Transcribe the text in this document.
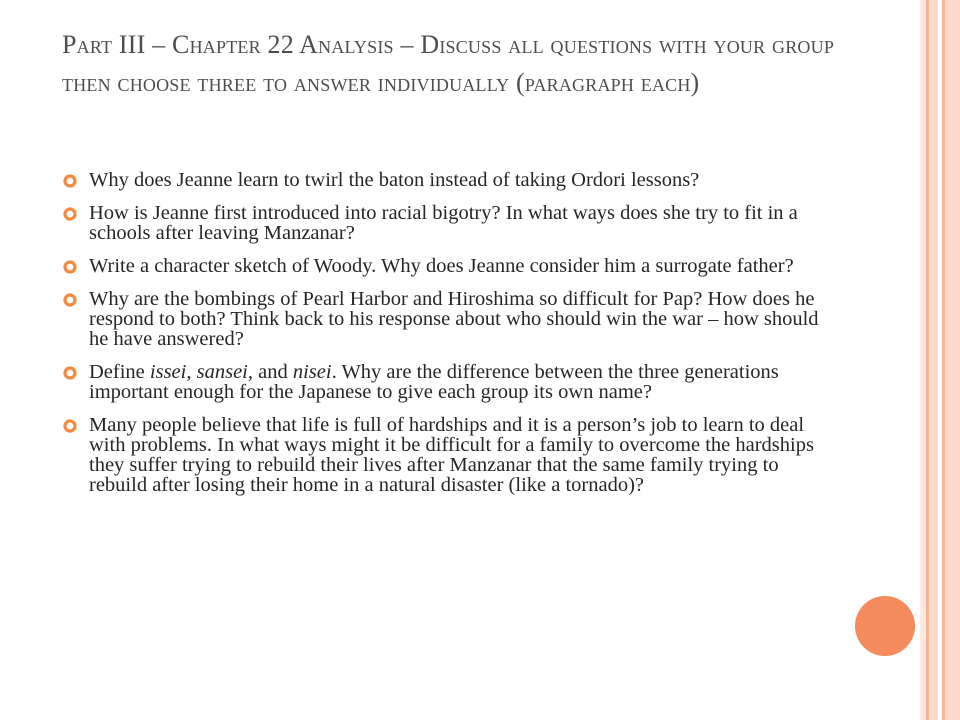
Part III – Chapter 22 Analysis – Discuss all questions with your group then choose three to answer individually (paragraph each)
Why does Jeanne learn to twirl the baton instead of taking Ordori lessons?
How is Jeanne first introduced into racial bigotry? In what ways does she try to fit in a schools after leaving Manzanar?
Write a character sketch of Woody. Why does Jeanne consider him a surrogate father?
Why are the bombings of Pearl Harbor and Hiroshima so difficult for Pap? How does he respond to both? Think back to his response about who should win the war – how should he have answered?
Define issei, sansei, and nisei. Why are the difference between the three generations important enough for the Japanese to give each group its own name?
Many people believe that life is full of hardships and it is a person’s job to learn to deal with problems. In what ways might it be difficult for a family to overcome the hardships they suffer trying to rebuild their lives after Manzanar that the same family trying to rebuild after losing their home in a natural disaster (like a tornado)?
